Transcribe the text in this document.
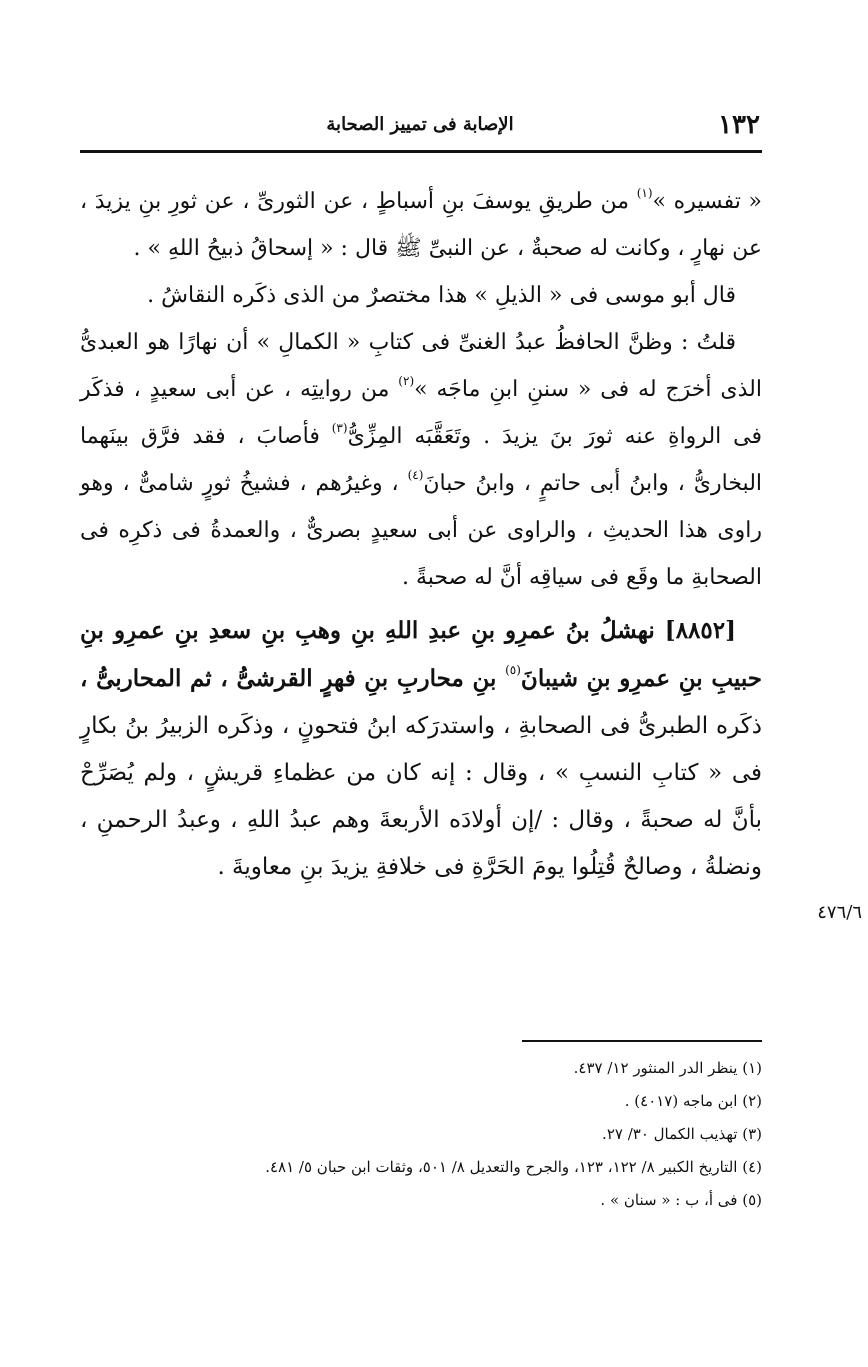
١٣٢
الإصابة فى تمييز الصحابة

« تفسيره »$^{(١)}$ من طريقِ يوسفَ بنِ أسباطٍ ، عن الثورىِّ ، عن ثورِ بنِ يزيدَ ، عن نهارٍ ، وكانت له صحبةٌ ، عن النبىِّ ﷺ قال : « إسحاقُ ذبيحُ اللهِ » .

قال أبو موسى فى « الذيلِ » هذا مختصرٌ من الذى ذكَره النقاشُ .

قلتُ : وظنَّ الحافظُ عبدُ الغنىِّ فى كتابِ « الكمالِ » أن نهارًا هو العبدىُّ الذى أخرَج له فى « سننِ ابنِ ماجَه »$^{(٢)}$ من روايتِه ، عن أبى سعيدٍ ، فذكَر فى الرواةِ عنه ثورَ بنَ يزيدَ . وتَعَقَّبَه المِزِّىُّ$^{(٣)}$ فأصابَ ، فقد فرَّق بينَهما البخارىُّ ، وابنُ أبى حاتمٍ ، وابنُ حبانَ$^{(٤)}$ ، وغيرُهم ، فشيخُ ثورٍ شامىٌّ ، وهو راوى هذا الحديثِ ، والراوى عن أبى سعيدٍ بصرىٌّ ، والعمدةُ فى ذكرِه فى الصحابةِ ما وقَع فى سياقِه أنَّ له صحبةً .

[٨٨٥٢] نهشلُ بنُ عمرِو بنِ عبدِ اللهِ بنِ وهبِ بنِ سعدِ بنِ عمرِو بنِ حبيبِ بنِ عمرِو بنِ شيبانَ$^{(٥)}$ بنِ محاربِ بنِ فهرٍ القرشىُّ ، ثم المحاربىُّ ، ذكَره الطبرىُّ فى الصحابةِ ، واستدرَكه ابنُ فتحونٍ ، وذكَره الزبيرُ بنُ بكارٍ فى « كتابِ النسبِ » ، وقال : إنه كان من عظماءِ قريشٍ ، ولم يُصَرِّحْ بأنَّ له صحبةً ، وقال : /إن أولادَه الأربعةَ وهم عبدُ اللهِ ، وعبدُ الرحمنِ ، ونضلةُ ، وصالحٌ قُتِلُوا يومَ الحَرَّةِ فى خلافةِ يزيدَ بنِ معاويةَ .

٤٧٦/٦

(١) ينظر الدر المنثور ١٢/ ٤٣٧.

(٢) ابن ماجه (٤٠١٧) .

(٣) تهذيب الكمال ٣٠/ ٢٧.

(٤) التاريخ الكبير ٨/ ١٢٢، ١٢٣، والجرح والتعديل ٨/ ٥٠١، وثقات ابن حبان ٥/ ٤٨١.

(٥) فى أ، ب : « سنان » .
